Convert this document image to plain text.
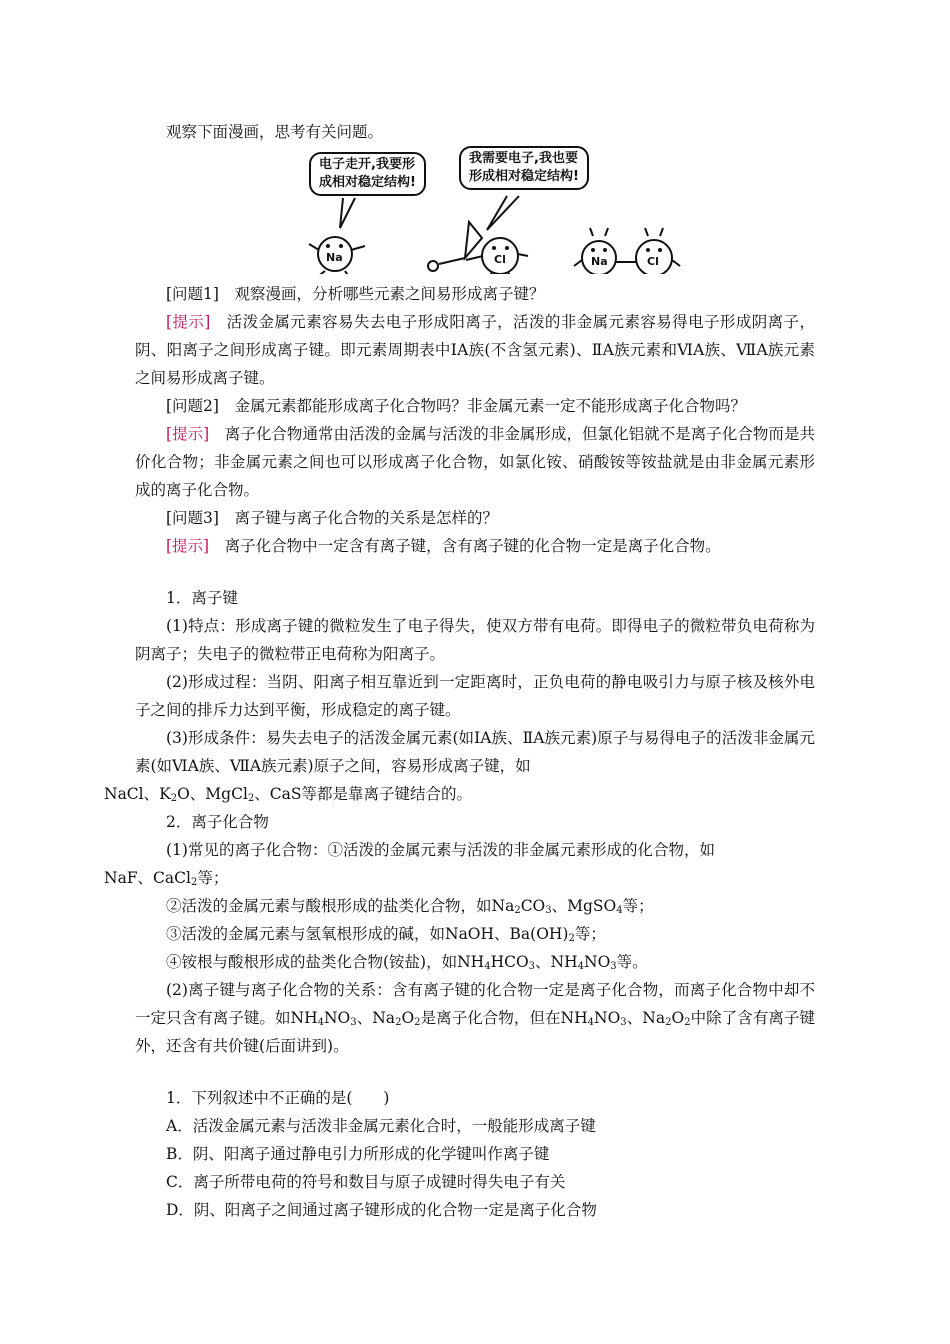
观察下面漫画，思考有关问题。

电子走开,我要形
成相对稳定结构!
我需要电子,我也要
形成相对稳定结构!
Na	Cl	Na	Cl

[问题1]　 观察漫画，分析哪些元素之间易形成离子键？

[提示]　 活泼金属元素容易失去电子形成阳离子，活泼的非金属元素容易得电子形成阴离子，阴、阳离子之间形成离子键。即元素周期表中ⅠA族(不含氢元素)、ⅡA族元素和ⅥA族、ⅦA族元素之间易形成离子键。

[问题2]　 金属元素都能形成离子化合物吗？非金属元素一定不能形成离子化合物吗？

[提示]　 离子化合物通常由活泼的金属与活泼的非金属形成，但氯化铝就不是离子化合物而是共价化合物；非金属元素之间也可以形成离子化合物，如氯化铵、硝酸铵等铵盐就是由非金属元素形成的离子化合物。

[问题3]　 离子键与离子化合物的关系是怎样的？

[提示]　 离子化合物中一定含有离子键，含有离子键的化合物一定是离子化合物。

1．离子键

(1)特点：形成离子键的微粒发生了电子得失，使双方带有电荷。即得电子的微粒带负电荷称为阴离子；失电子的微粒带正电荷称为阳离子。

(2)形成过程：当阴、阳离子相互靠近到一定距离时，正负电荷的静电吸引力与原子核及核外电子之间的排斥力达到平衡，形成稳定的离子键。

(3)形成条件：易失去电子的活泼金属元素(如ⅠA族、ⅡA族元素)原子与易得电子的活泼非金属元素(如ⅥA族、ⅦA族元素)原子之间，容易形成离子键，如
NaCl、$K_2O$、MgCl$_2$、CaS等都是靠离子键结合的。

2．离子化合物

(1)常见的离子化合物：①活泼的金属元素与活泼的非金属元素形成的化合物，如
NaF、CaCl$_2$等；

②活泼的金属元素与酸根形成的盐类化合物，如$Na_2CO_3$、MgSO$_4$等；

③活泼的金属元素与氢氧根形成的碱，如NaOH、$Ba(OH)_2$等；

④铵根与酸根形成的盐类化合物(铵盐)，如$NH_4HCO_3$、$NH_4NO_3$等。

(2)离子键与离子化合物的关系：含有离子键的化合物一定是离子化合物，而离子化合物中却不一定只含有离子键。如$NH_4NO_3$、$Na_2O_2$是离子化合物，但在$NH_4NO_3$、$Na_2O_2$中除了含有离子键外，还含有共价键(后面讲到)。

1．下列叙述中不正确的是(　　)

A．活泼金属元素与活泼非金属元素化合时，一般能形成离子键

B．阴、阳离子通过静电引力所形成的化学键叫作离子键

C．离子所带电荷的符号和数目与原子成键时得失电子有关

D．阴、阳离子之间通过离子键形成的化合物一定是离子化合物
